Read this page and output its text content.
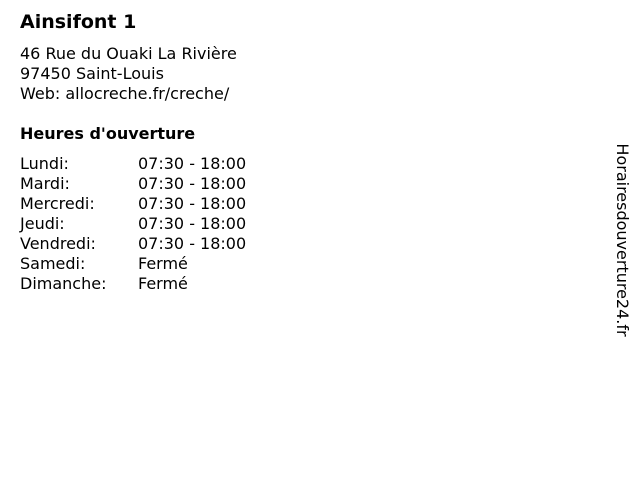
Ainsifont 1
46 Rue du Ouaki La Rivière
97450 Saint-Louis
Web: allocreche.fr/creche/
Heures d'ouverture
Lundi:	07:30 - 18:00
Mardi:	07:30 - 18:00
Mercredi:	07:30 - 18:00
Jeudi:	07:30 - 18:00
Vendredi:	07:30 - 18:00
Samedi:	Fermé
Dimanche: Fermé	Horairesdouverture24.fr
